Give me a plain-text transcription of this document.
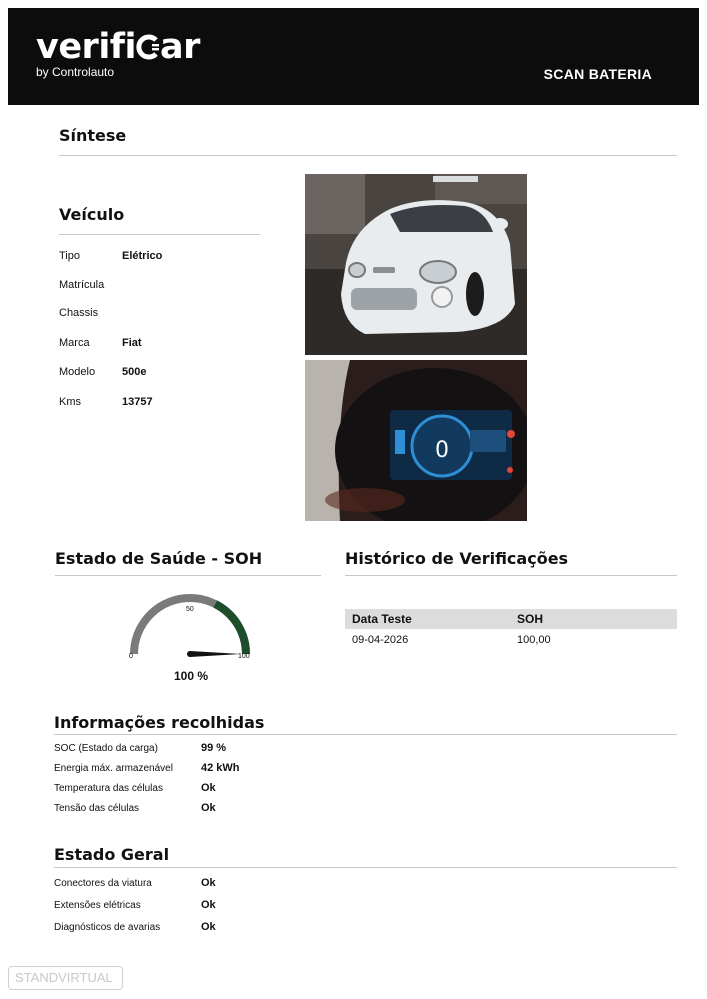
verifi ar
by Controlauto	SCAN BATERIA
Síntese
Veículo
Tipo	Elétrico
Matrícula
Chassis
Marca	Fiat
Modelo 500e
Kms	13757
0
Estado de Saúde - SOH
0
50
100
100 %
Histórico de Verificações
Data Teste	SOH
09-04-2026	100,00
Informações recolhidas
SOC (Estado da carga)	99 %
Energia máx. armazenável	42 kWh
Temperatura das células	Ok
Tensão das células	Ok
Estado Geral
Conectores da viatura	Ok
Extensões elétricas	Ok
Diagnósticos de avarias	Ok
STANDVIRTUAL
